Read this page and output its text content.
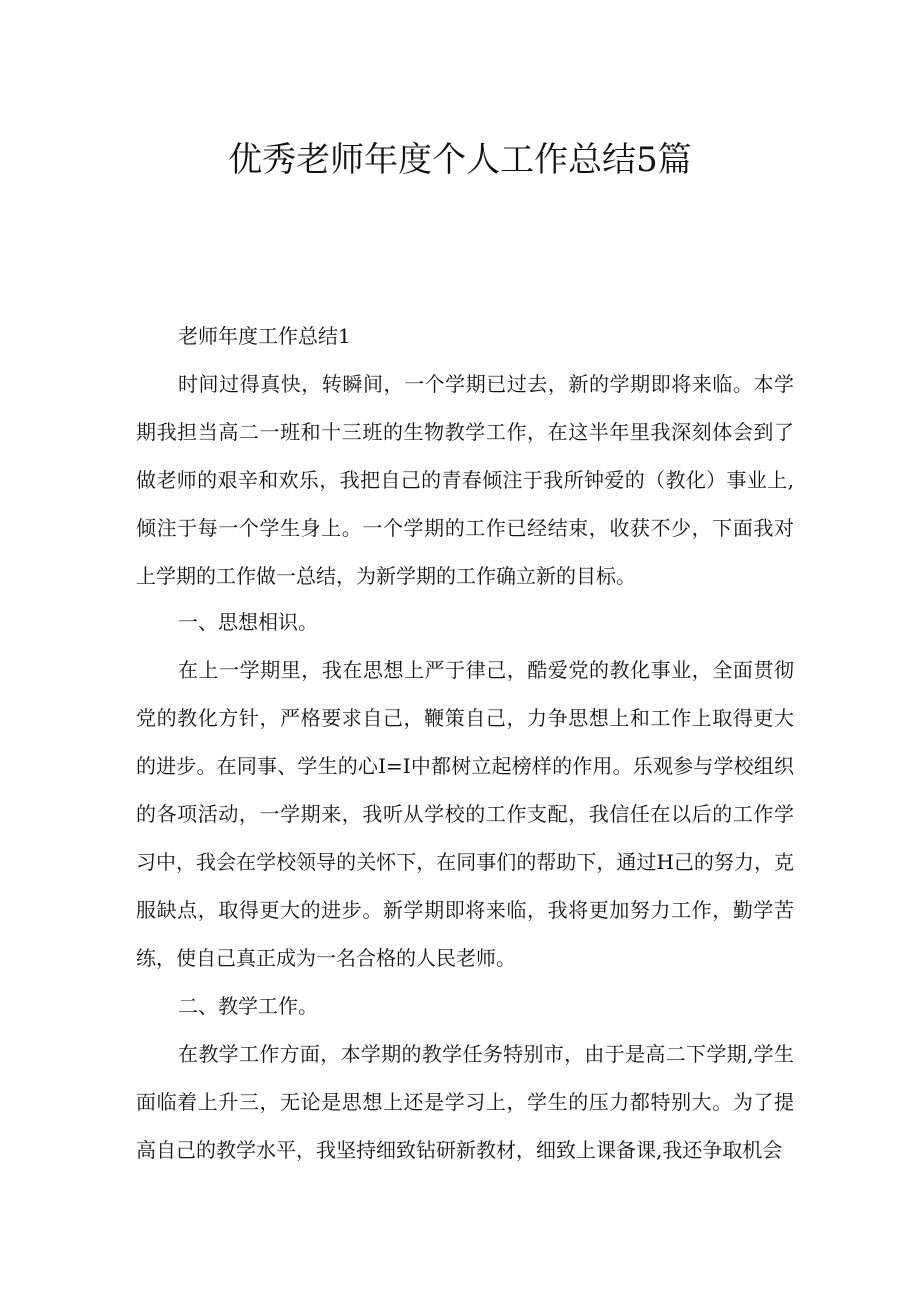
优秀老师年度个人工作总结5篇

老师年度工作总结1

时间过得真快，转瞬间，一个学期已过去，新的学期即将来临。本学期我担当高二一班和十三班的生物教学工作，在这半年里我深刻体会到了做老师的艰辛和欢乐，我把自己的青春倾注于我所钟爱的（教化）事业上,倾注于每一个学生身上。一个学期的工作已经结束，收获不少，下面我对上学期的工作做一总结，为新学期的工作确立新的目标。

一、思想相识。

在上一学期里，我在思想上严于律己，酷爱党的教化事业，全面贯彻党的教化方针，严格要求自己，鞭策自己，力争思想上和工作上取得更大的进步。在同事、学生的心I=I中都树立起榜样的作用。乐观参与学校组织的各项活动，一学期来，我听从学校的工作支配，我信任在以后的工作学习中，我会在学校领导的关怀下，在同事们的帮助下，通过H己的努力，克服缺点，取得更大的进步。新学期即将来临，我将更加努力工作，勤学苦练，使自己真正成为一名合格的人民老师。

二、教学工作。

在教学工作方面，本学期的教学任务特别市，由于是高二下学期,学生面临着上升三，无论是思想上还是学习上，学生的压力都特别大。为了提高自己的教学水平，我坚持细致钻研新教材，细致上课备课,我还争取机会
